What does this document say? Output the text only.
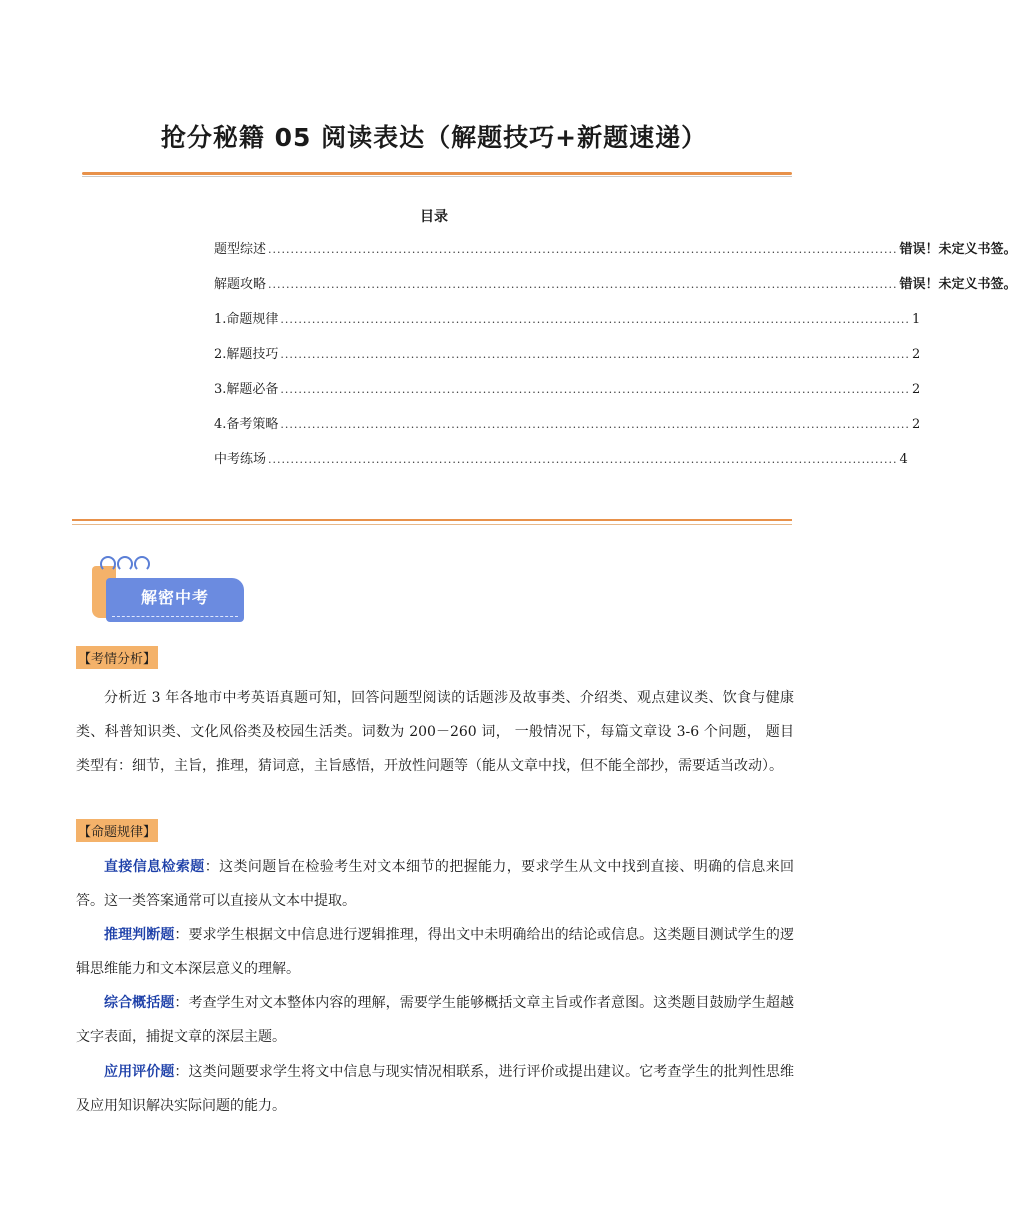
抢分秘籍 05 阅读表达（解题技巧+新题速递）
目录
题型综述 ............................................................................................................................................ 错误！未定义书签。
解题攻略 ............................................................................................................................................ 错误！未定义书签。
1.命题规律 ............................................................................................................................................ 1
2.解题技巧 ............................................................................................................................................ 2
3.解题必备 ............................................................................................................................................ 2
4.备考策略 ............................................................................................................................................ 2
中考练场 ............................................................................................................................................ 4
解密中考
【考情分析】
分析近 3 年各地市中考英语真题可知，回答问题型阅读的话题涉及故事类、介绍类、观点建议类、饮食与健康类、科普知识类、文化风俗类及校园生活类。词数为 200－260 词， 一般情况下，每篇文章设 3-6 个问题， 题目类型有：细节，主旨，推理，猜词意，主旨感悟，开放性问题等（能从文章中找，但不能全部抄，需要适当改动）。
【命题规律】
直接信息检索题：这类问题旨在检验考生对文本细节的把握能力，要求学生从文中找到直接、明确的信息来回答。这一类答案通常可以直接从文本中提取。
推理判断题：要求学生根据文中信息进行逻辑推理，得出文中未明确给出的结论或信息。这类题目测试学生的逻辑思维能力和文本深层意义的理解。
综合概括题：考查学生对文本整体内容的理解，需要学生能够概括文章主旨或作者意图。这类题目鼓励学生超越文字表面，捕捉文章的深层主题。
应用评价题：这类问题要求学生将文中信息与现实情况相联系，进行评价或提出建议。它考查学生的批判性思维及应用知识解决实际问题的能力。
